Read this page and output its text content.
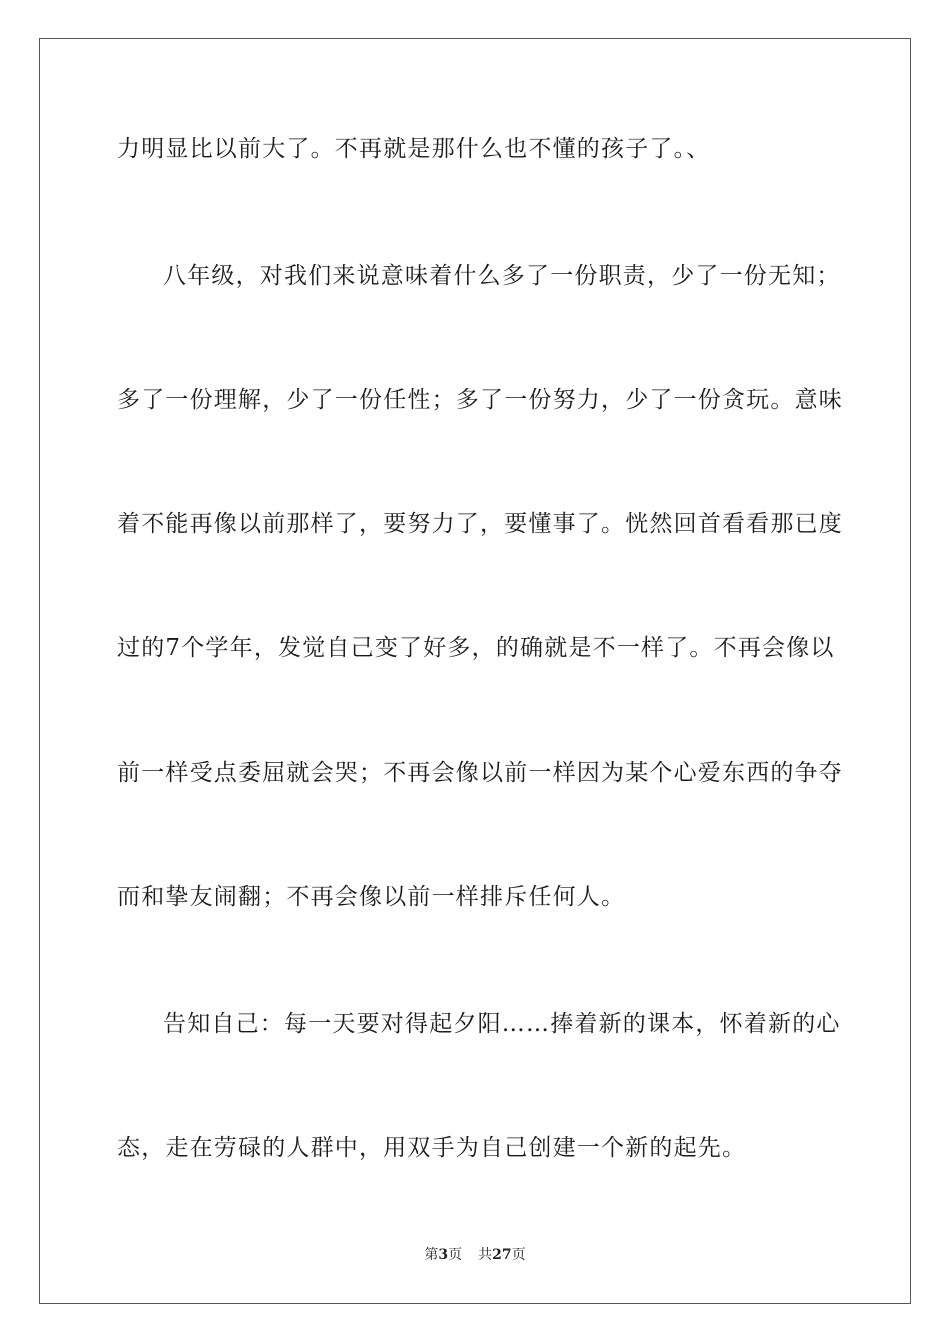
力明显比以前大了。不再就是那什么也不懂的孩子了。、
八年级，对我们来说意味着什么多了一份职责，少了一份无知；
多了一份理解，少了一份任性；多了一份努力，少了一份贪玩。意味
着不能再像以前那样了，要努力了，要懂事了。恍然回首看看那已度
过的7个学年，发觉自己变了好多，的确就是不一样了。不再会像以
前一样受点委屈就会哭；不再会像以前一样因为某个心爱东西的争夺
而和挚友闹翻；不再会像以前一样排斥任何人。
告知自己：每一天要对得起夕阳……捧着新的课本，怀着新的心
态，走在劳碌的人群中，用双手为自己创建一个新的起先。
第3页 共27页
